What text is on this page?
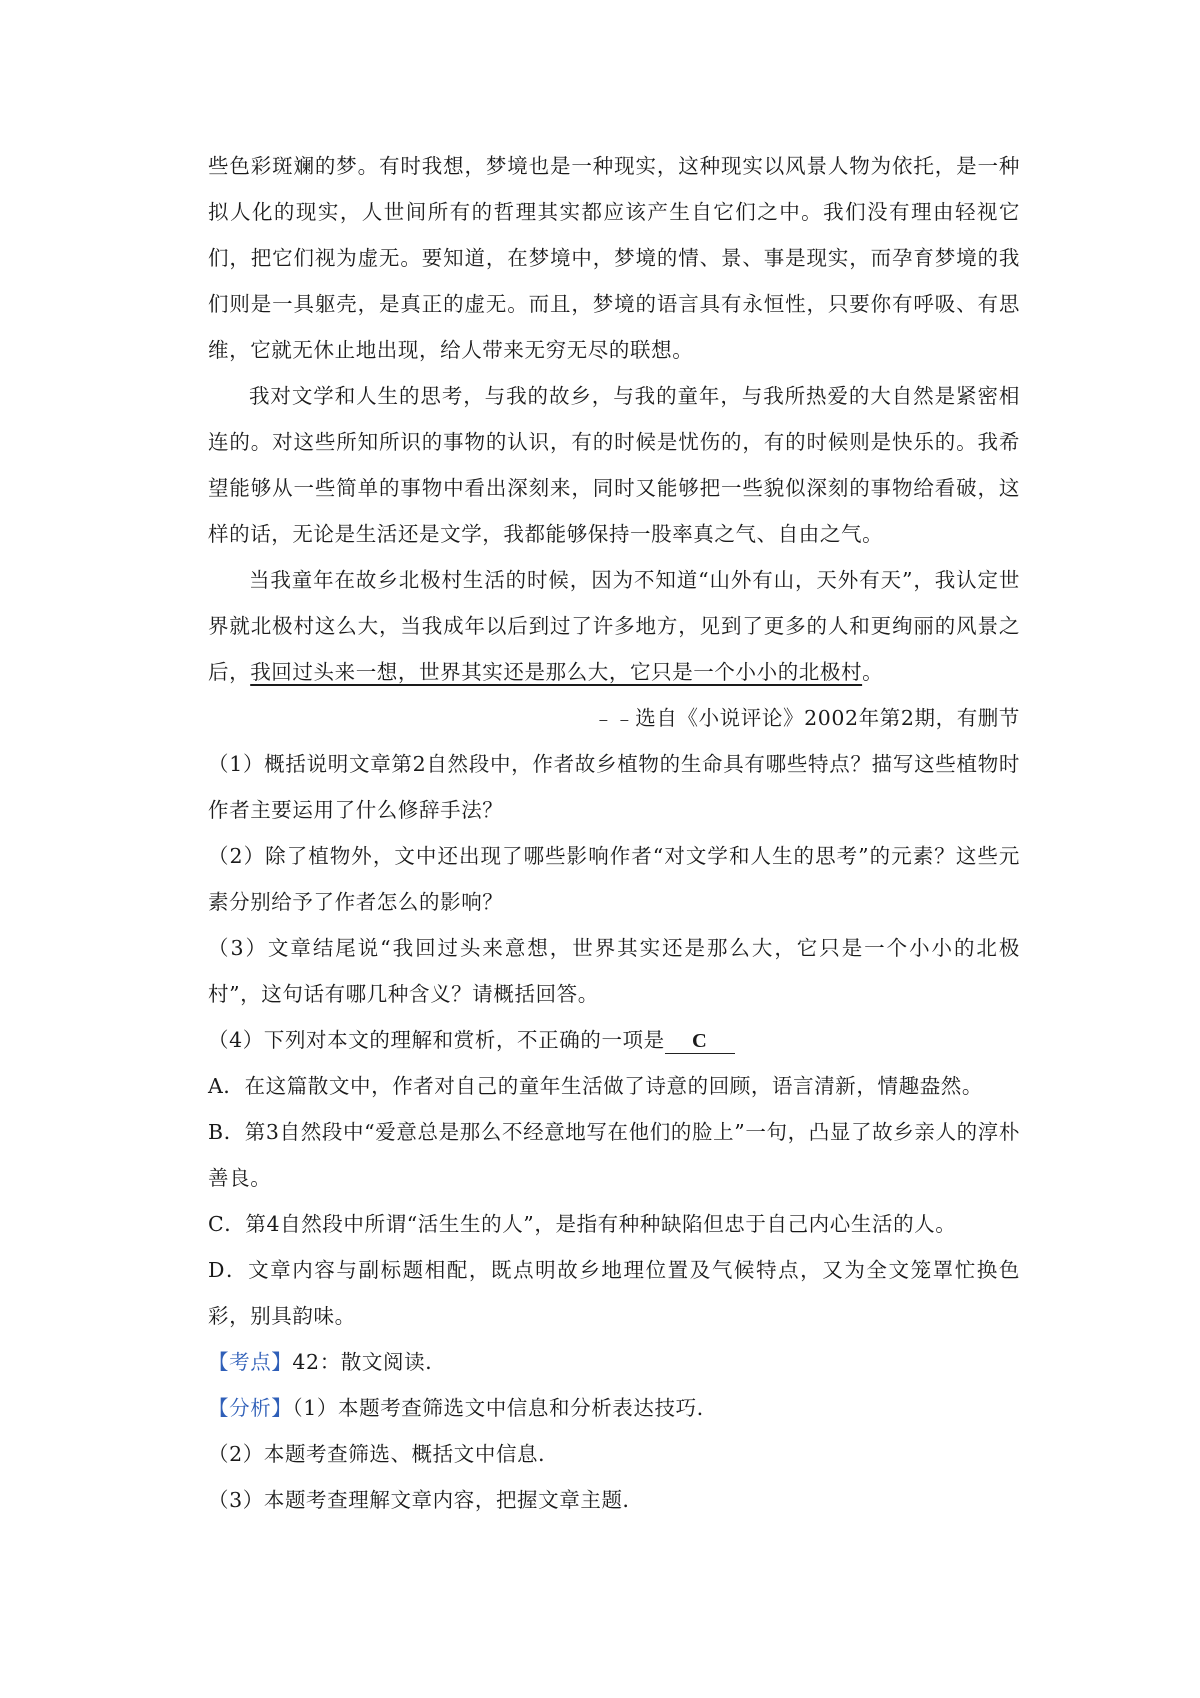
些色彩斑斓的梦。有时我想，梦境也是一种现实，这种现实以风景人物为依托，是一种拟人化的现实，人世间所有的哲理其实都应该产生自它们之中。我们没有理由轻视它们，把它们视为虚无。要知道，在梦境中，梦境的情、景、事是现实，而孕育梦境的我们则是一具躯壳，是真正的虚无。而且，梦境的语言具有永恒性，只要你有呼吸、有思维，它就无休止地出现，给人带来无穷无尽的联想。

我对文学和人生的思考，与我的故乡，与我的童年，与我所热爱的大自然是紧密相连的。对这些所知所识的事物的认识，有的时候是忧伤的，有的时候则是快乐的。我希望能够从一些简单的事物中看出深刻来，同时又能够把一些貌似深刻的事物给看破，这样的话，无论是生活还是文学，我都能够保持一股率真之气、自由之气。

当我童年在故乡北极村生活的时候，因为不知道“山外有山，天外有天”，我认定世界就北极村这么大，当我成年以后到过了许多地方，见到了更多的人和更绚丽的风景之后，我回过头来一想，世界其实还是那么大，它只是一个小小的北极村。

﹣﹣选自《小说评论》2002年第2期，有删节

（1）概括说明文章第2自然段中，作者故乡植物的生命具有哪些特点？描写这些植物时作者主要运用了什么修辞手法？

（2）除了植物外，文中还出现了哪些影响作者“对文学和人生的思考”的元素？这些元素分别给予了作者怎么的影响？

（3）文章结尾说“我回过头来意想，世界其实还是那么大，它只是一个小小的北极村”，这句话有哪几种含义？请概括回答。

（4）下列对本文的理解和赏析，不正确的一项是 C

A．在这篇散文中，作者对自己的童年生活做了诗意的回顾，语言清新，情趣盎然。

B．第3自然段中“爱意总是那么不经意地写在他们的脸上”一句，凸显了故乡亲人的淳朴善良。

C．第4自然段中所谓“活生生的人”，是指有种种缺陷但忠于自己内心生活的人。

D．文章内容与副标题相配，既点明故乡地理位置及气候特点，又为全文笼罩忙换色彩，别具韵味。

【考点】42：散文阅读．

【分析】（1）本题考查筛选文中信息和分析表达技巧．

（2）本题考查筛选、概括文中信息．

（3）本题考查理解文章内容，把握文章主题．
